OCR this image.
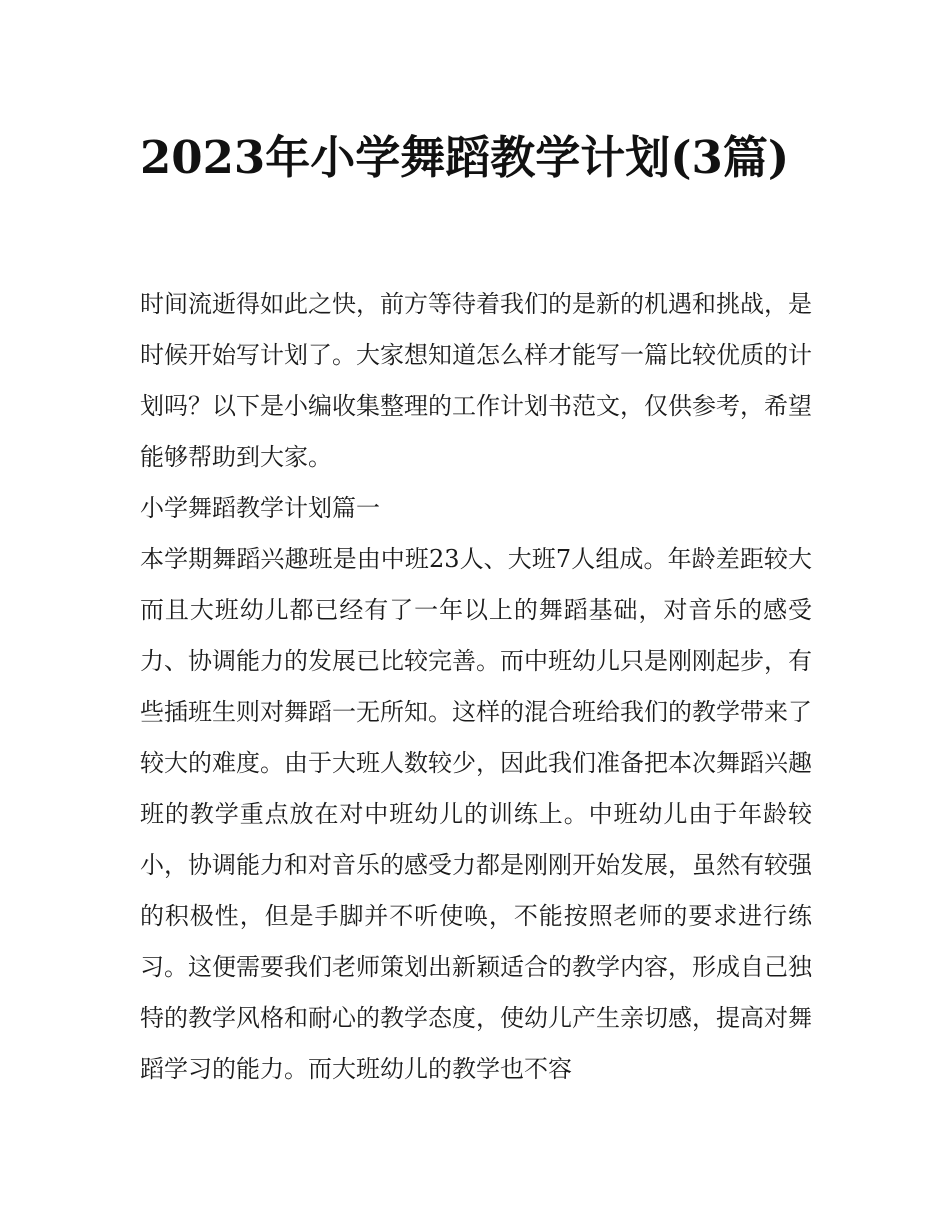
2023年小学舞蹈教学计划(3篇)

时间流逝得如此之快，前方等待着我们的是新的机遇和挑战，是时候开始写计划了。大家想知道怎么样才能写一篇比较优质的计划吗？以下是小编收集整理的工作计划书范文，仅供参考，希望能够帮助到大家。

小学舞蹈教学计划篇一

本学期舞蹈兴趣班是由中班23人、大班7人组成。年龄差距较大而且大班幼儿都已经有了一年以上的舞蹈基础，对音乐的感受力、协调能力的发展已比较完善。而中班幼儿只是刚刚起步，有些插班生则对舞蹈一无所知。这样的混合班给我们的教学带来了较大的难度。由于大班人数较少，因此我们准备把本次舞蹈兴趣班的教学重点放在对中班幼儿的训练上。中班幼儿由于年龄较小，协调能力和对音乐的感受力都是刚刚开始发展，虽然有较强的积极性，但是手脚并不听使唤，不能按照老师的要求进行练习。这便需要我们老师策划出新颖适合的教学内容，形成自己独特的教学风格和耐心的教学态度，使幼儿产生亲切感，提高对舞蹈学习的能力。而大班幼儿的教学也不容
